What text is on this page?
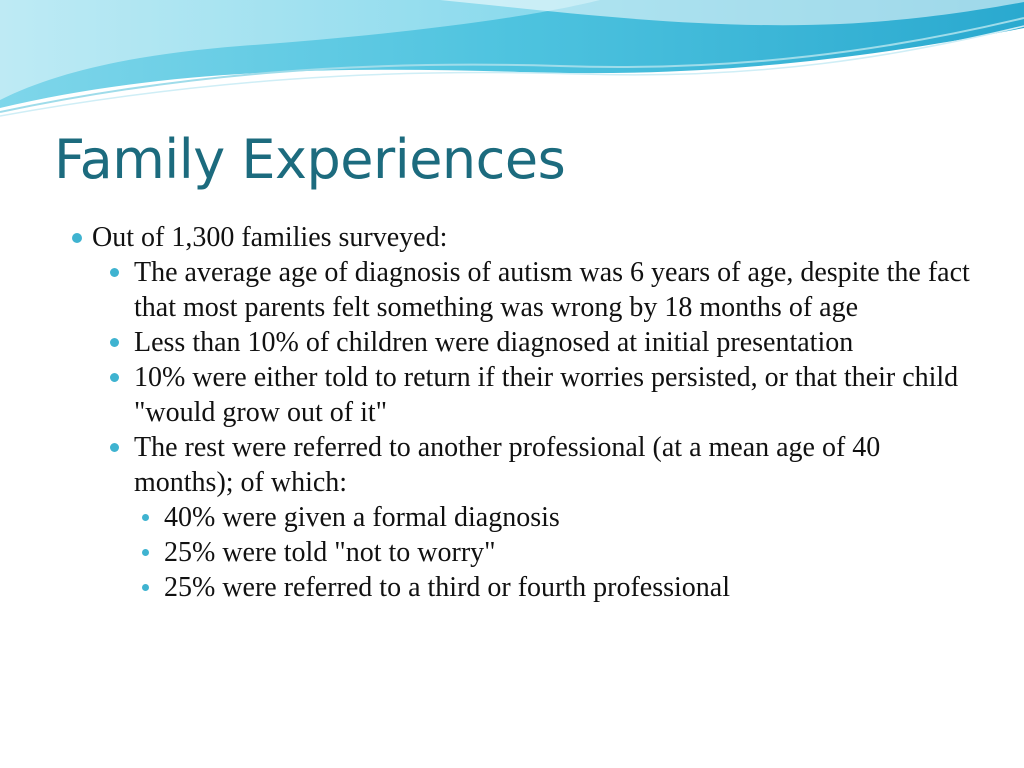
Family Experiences
Out of 1,300 families surveyed:
The average age of diagnosis of autism was 6 years of age, despite the fact that most parents felt something was wrong by 18 months of age
Less than 10% of children were diagnosed at initial presentation
10% were either told to return if their worries persisted, or that their child "would grow out of it"
The rest were referred to another professional (at a mean age of 40 months); of which:
40% were given a formal diagnosis
25% were told "not to worry"
25% were referred to a third or fourth professional
